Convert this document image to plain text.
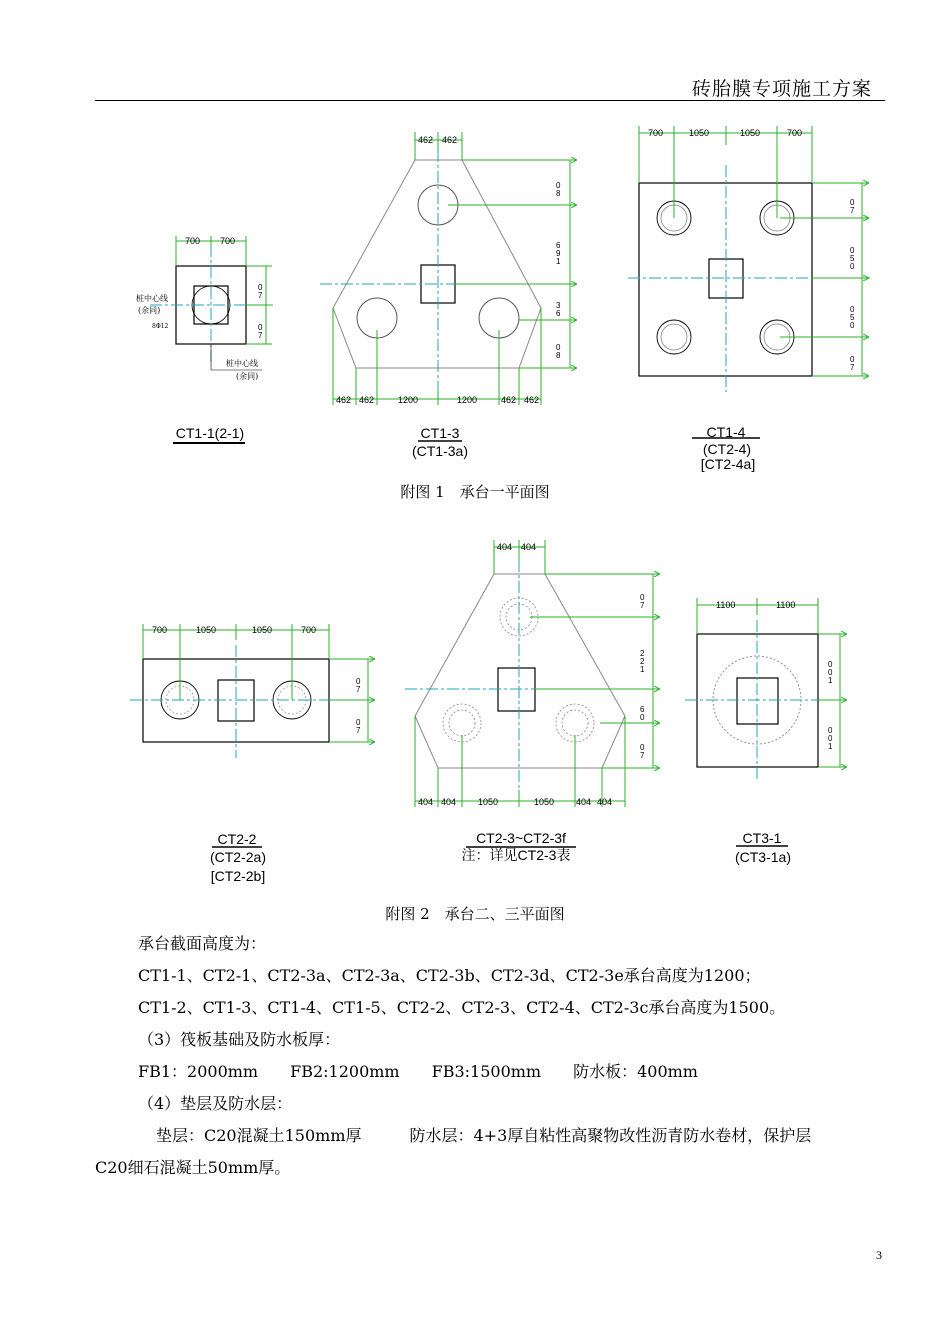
砖胎膜专项施工方案
700 700
0
7
0
7
桩中心线
(余同)
8Φ12
桩中心线
(余同)
462 462
0
8
6
9
1
3
6
0
8
462 462	1200	1200	462 462
700	1050	1050	700
0
7
0
5
0
0
5
0
0
7
CT1-1(2-1)	CT1-3
(CT1-3a)
CT1-4
(CT2-4)
[CT2-4a]
附图 1　承台一平面图
700	1050	1050	700
0
7
0
7
404 404
0
7
2
2
1
6
0
0
7
404 404 1050	1050 404 404
1100	1100
0
0
1
0
0
1
CT2-2
(CT2-2a)
[CT2-2b]
CT2-3~CT2-3f
注：详见CT2-3表
CT3-1
(CT3-1a)
附图 2　承台二、三平面图
承台截面高度为：
CT1-1、CT2-1、CT2-3a、CT2-3a、CT2-3b、CT2-3d、CT2-3e承台高度为1200；
CT1-2、CT1-3、CT1-4、CT1-5、CT2-2、CT2-3、CT2-4、CT2-3c承台高度为1500。
（3）筏板基础及防水板厚：
FB1：2000mm　　FB2:1200mm　　FB3:1500mm　　防水板：400mm
（4）垫层及防水层：
垫层：C20混凝土150mm厚　　　防水层：4+3厚自粘性高聚物改性沥青防水卷材，保护层
C20细石混凝土50mm厚。
3
